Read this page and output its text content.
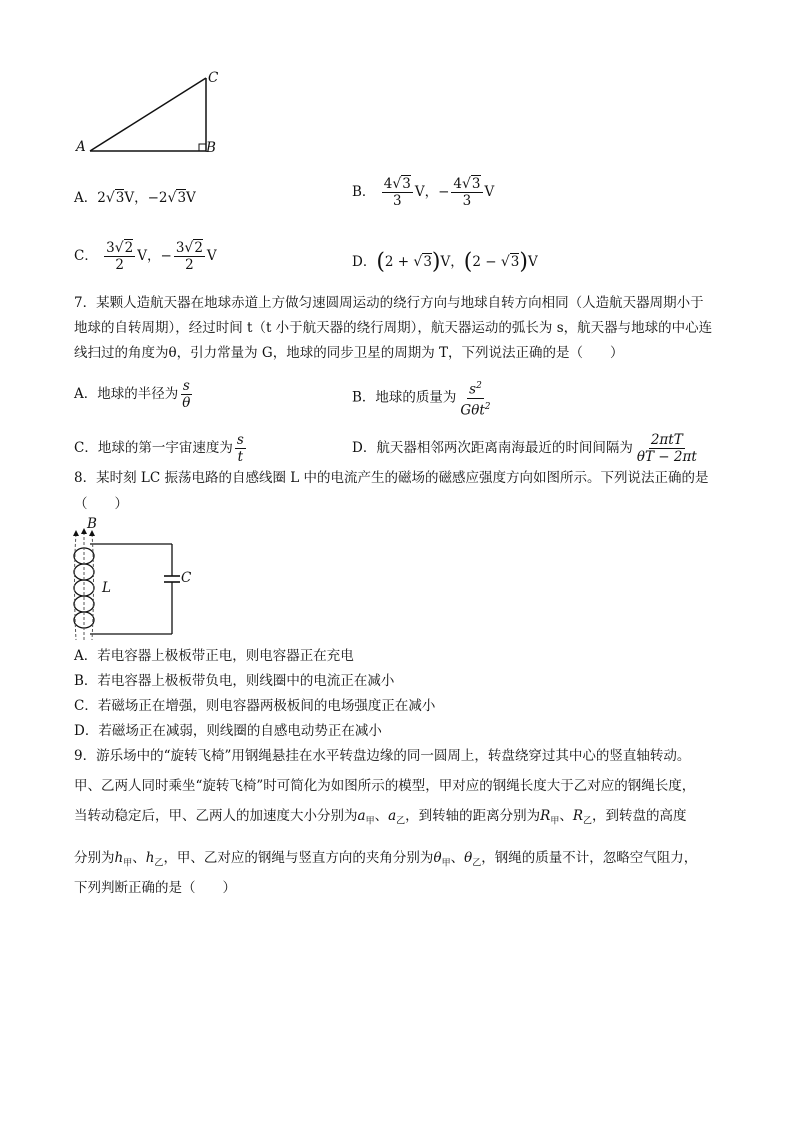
A	B
C
A．2√3V，−2√3V	B． $\frac{4√3}{3}$ V，− $\frac{4√3}{3}$ V
C． $\frac{3√2}{2}$ V，− $\frac{3√2}{2}$ V	D．(2 + √3)V，(2 − √3)V
7．某颗人造航天器在地球赤道上方做匀速圆周运动的绕行方向与地球自转方向相同（人造航天器周期小于
地球的自转周期），经过时间 t（t 小于航天器的绕行周期），航天器运动的弧长为 s，航天器与地球的中心连
线扫过的角度为θ，引力常量为 G，地球的同步卫星的周期为 T，下列说法正确的是（　　）
A．地球的半径为 $\frac{s}{\theta}$	B．地球的质量为 $\frac{s^2}{G\theta t^2}$
C．地球的第一宇宙速度为 $\frac{s}{t}$	D．航天器相邻两次距离南海最近的时间间隔为 $\frac{\text{2πtT}}{\theta T - 2\pi t}$
8．某时刻 LC 振荡电路的自感线圈 L 中的电流产生的磁场的磁感应强度方向如图所示。下列说法正确的是
（　　）
B
L
C
A．若电容器上极板带正电，则电容器正在充电
B．若电容器上极板带负电，则线圈中的电流正在减小
C．若磁场正在增强，则电容器两极板间的电场强度正在减小
D．若磁场正在减弱，则线圈的自感电动势正在减小
9．游乐场中的“旋转飞椅”用钢绳悬挂在水平转盘边缘的同一圆周上，转盘绕穿过其中心的竖直轴转动。
甲、乙两人同时乘坐“旋转飞椅”时可简化为如图所示的模型，甲对应的钢绳长度大于乙对应的钢绳长度，
当转动稳定后，甲、乙两人的加速度大小分别为$a_甲$、$a_乙$，到转轴的距离分别为$R_甲$、$R_乙$，到转盘的高度
分别为$h_甲$、$h_乙$，甲、乙对应的钢绳与竖直方向的夹角分别为$\theta_甲$、$\theta_乙$，钢绳的质量不计，忽略空气阻力，
下列判断正确的是（　　）
